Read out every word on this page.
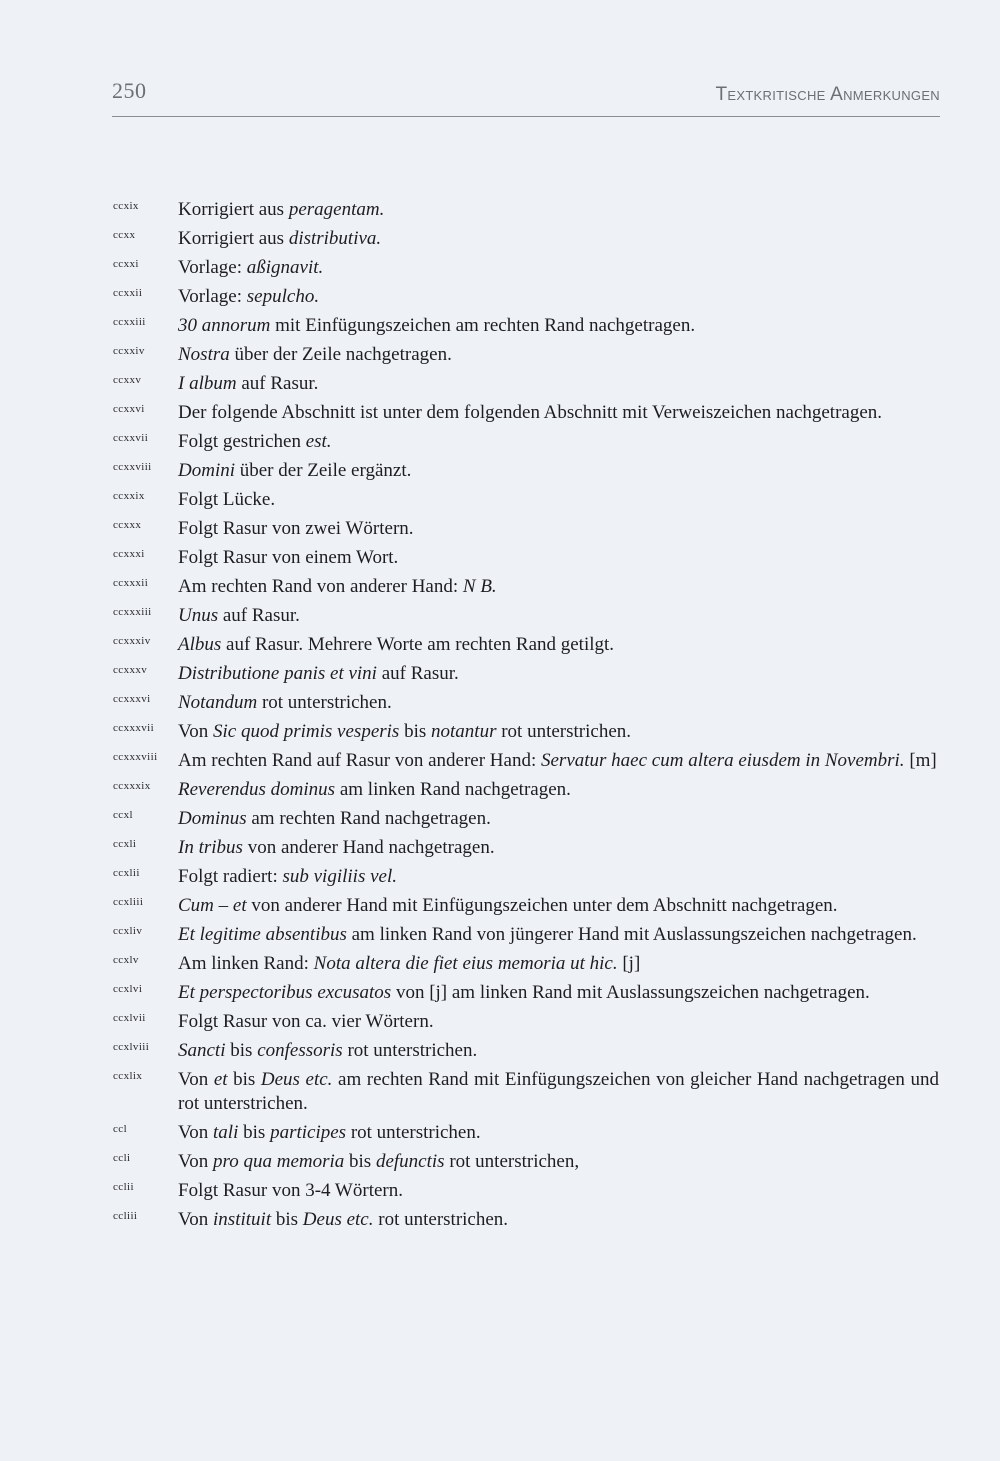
250	Textkritische Anmerkungen
ccxix Korrigiert aus peragentam.
ccxx Korrigiert aus distributiva.
ccxxi Vorlage: aßignavit.
ccxxii Vorlage: sepulcho.
ccxxiii 30 annorum mit Einfügungszeichen am rechten Rand nachgetragen.
ccxxiv Nostra über der Zeile nachgetragen.
ccxxv I album auf Rasur.
ccxxvi Der folgende Abschnitt ist unter dem folgenden Abschnitt mit Verweiszeichen nachgetragen.
ccxxvii Folgt gestrichen est.
ccxxviii Domini über der Zeile ergänzt.
ccxxix Folgt Lücke.
ccxxx Folgt Rasur von zwei Wörtern.
ccxxxi Folgt Rasur von einem Wort.
ccxxxii Am rechten Rand von anderer Hand: N B.
ccxxxiii Unus auf Rasur.
ccxxxiv Albus auf Rasur. Mehrere Worte am rechten Rand getilgt.
ccxxxv Distributione panis et vini auf Rasur.
ccxxxvi Notandum rot unterstrichen.
ccxxxvii Von Sic quod primis vesperis bis notantur rot unterstrichen.
ccxxxviii Am rechten Rand auf Rasur von anderer Hand: Servatur haec cum altera eiusdem in Novembri. [m]
ccxxxix Reverendus dominus am linken Rand nachgetragen.
ccxl Dominus am rechten Rand nachgetragen.
ccxli In tribus von anderer Hand nachgetragen.
ccxlii Folgt radiert: sub vigiliis vel.
ccxliii Cum – et von anderer Hand mit Einfügungszeichen unter dem Abschnitt nachgetragen.
ccxliv Et legitime absentibus am linken Rand von jüngerer Hand mit Auslassungszeichen nachgetragen.
ccxlv Am linken Rand: Nota altera die fiet eius memoria ut hic. [j]
ccxlvi Et perspectoribus excusatos von [j] am linken Rand mit Auslassungszeichen nachgetragen.
ccxlvii Folgt Rasur von ca. vier Wörtern.
ccxlviii Sancti bis confessoris rot unterstrichen.
ccxlix Von et bis Deus etc. am rechten Rand mit Einfügungszeichen von gleicher Hand nachgetragen und rot unterstrichen.
ccl	Von tali bis participes rot unterstrichen.
ccli	Von pro qua memoria bis defunctis rot unterstrichen,
cclii Folgt Rasur von 3-4 Wörtern.
ccliii Von instituit bis Deus etc. rot unterstrichen.
